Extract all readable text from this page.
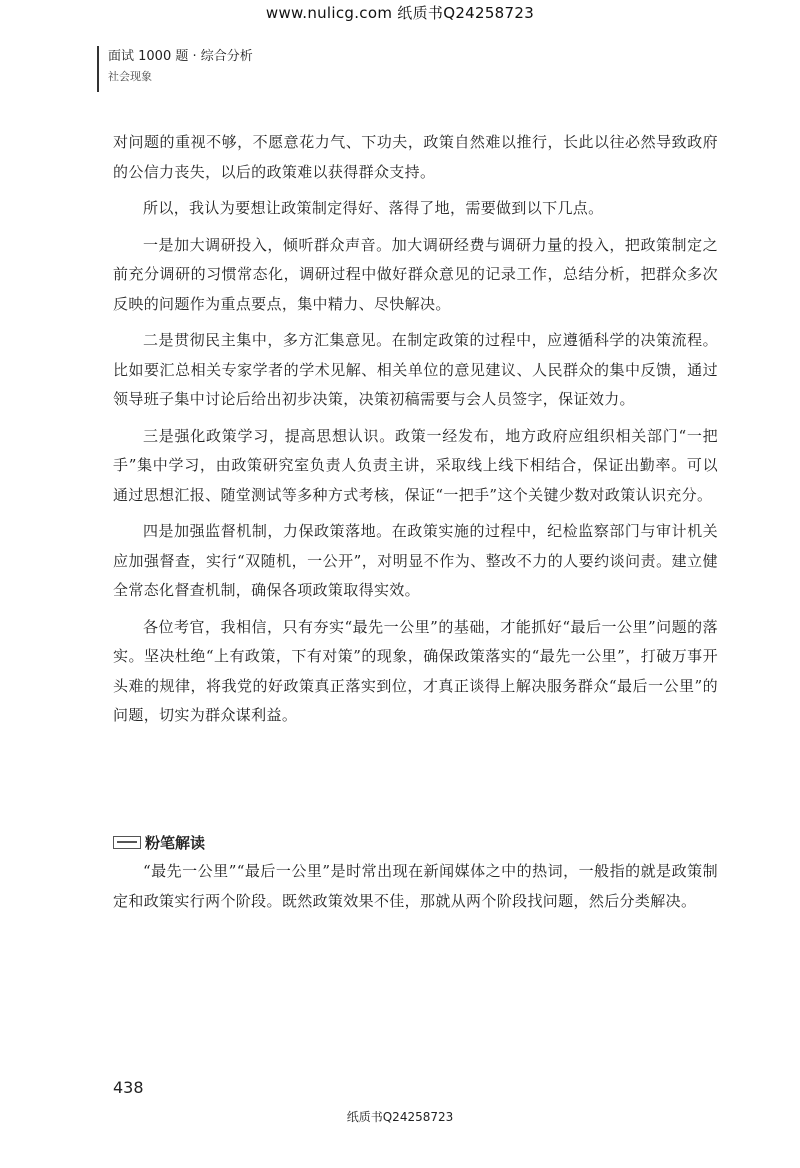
www.nulicg.com 纸质书Q24258723
面试 1000 题 · 综合分析
社会现象

对问题的重视不够，不愿意花力气、下功夫，政策自然难以推行，长此以往必然导致政府的公信力丧失，以后的政策难以获得群众支持。

所以，我认为要想让政策制定得好、落得了地，需要做到以下几点。

一是加大调研投入，倾听群众声音。加大调研经费与调研力量的投入，把政策制定之前充分调研的习惯常态化，调研过程中做好群众意见的记录工作，总结分析，把群众多次反映的问题作为重点要点，集中精力、尽快解决。

二是贯彻民主集中，多方汇集意见。在制定政策的过程中，应遵循科学的决策流程。比如要汇总相关专家学者的学术见解、相关单位的意见建议、人民群众的集中反馈，通过领导班子集中讨论后给出初步决策，决策初稿需要与会人员签字，保证效力。

三是强化政策学习，提高思想认识。政策一经发布，地方政府应组织相关部门“一把手”集中学习，由政策研究室负责人负责主讲，采取线上线下相结合，保证出勤率。可以通过思想汇报、随堂测试等多种方式考核，保证“一把手”这个关键少数对政策认识充分。

四是加强监督机制，力保政策落地。在政策实施的过程中，纪检监察部门与审计机关应加强督查，实行“双随机，一公开”，对明显不作为、整改不力的人要约谈问责。建立健全常态化督查机制，确保各项政策取得实效。

各位考官，我相信，只有夯实“最先一公里”的基础，才能抓好“最后一公里”问题的落实。坚决杜绝“上有政策，下有对策”的现象，确保政策落实的“最先一公里”，打破万事开头难的规律，将我党的好政策真正落实到位，才真正谈得上解决服务群众“最后一公里”的问题，切实为群众谋利益。

粉笔解读

“最先一公里”“最后一公里”是时常出现在新闻媒体之中的热词，一般指的就是政策制定和政策实行两个阶段。既然政策效果不佳，那就从两个阶段找问题，然后分类解决。

438
纸质书Q24258723
